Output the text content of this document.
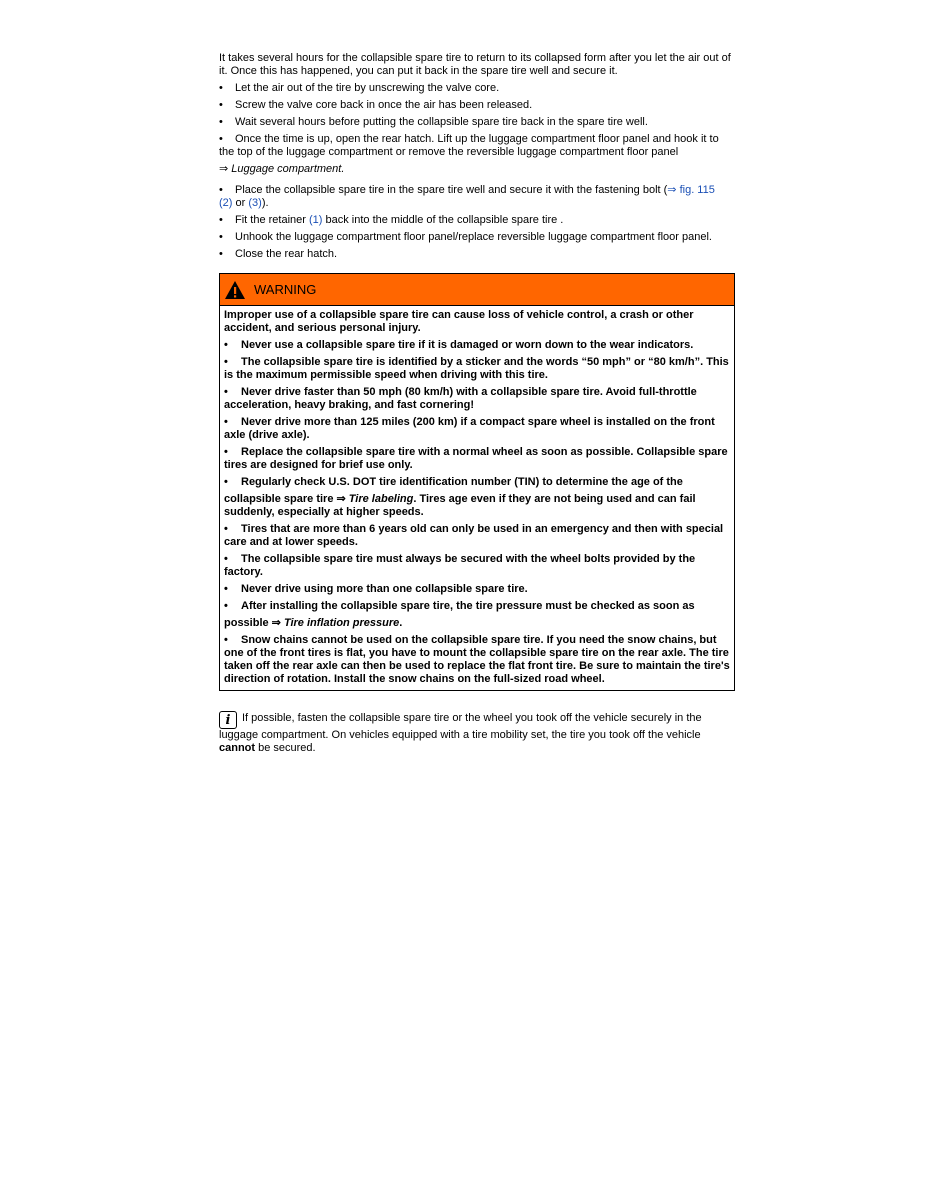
It takes several hours for the collapsible spare tire to return to its collapsed form after you let the air out of it. Once this has happened, you can put it back in the spare tire well and secure it.

• Let the air out of the tire by unscrewing the valve core.
• Screw the valve core back in once the air has been released.
• Wait several hours before putting the collapsible spare tire back in the spare tire well.
• Once the time is up, open the rear hatch. Lift up the luggage compartment floor panel and hook it to the top of the luggage compartment or remove the reversible luggage compartment floor panel

⇒ Luggage compartment.

• Place the collapsible spare tire in the spare tire well and secure it with the fastening bolt (⇒ fig. 115
(2) or (3)).
• Fit the retainer (1) back into the middle of the collapsible spare tire .
• Unhook the luggage compartment floor panel/replace reversible luggage compartment floor panel.
• Close the rear hatch.
WARNING

Improper use of a collapsible spare tire can cause loss of vehicle control, a crash or other accident, and serious personal injury.

• Never use a collapsible spare tire if it is damaged or worn down to the wear indicators.
• The collapsible spare tire is identified by a sticker and the words “50 mph” or “80 km/h”. This is the maximum permissible speed when driving with this tire.
• Never drive faster than 50 mph (80 km/h) with a collapsible spare tire. Avoid full-throttle acceleration, heavy braking, and fast cornering!
• Never drive more than 125 miles (200 km) if a compact spare wheel is installed on the front axle (drive axle).
• Replace the collapsible spare tire with a normal wheel as soon as possible. Collapsible spare tires are designed for brief use only.
• Regularly check U.S. DOT tire identification number (TIN) to determine the age of the
collapsible spare tire ⇒ Tire labeling. Tires age even if they are not being used and can fail suddenly, especially at higher speeds.
• Tires that are more than 6 years old can only be used in an emergency and then with special care and at lower speeds.
• The collapsible spare tire must always be secured with the wheel bolts provided by the factory.
• Never drive using more than one collapsible spare tire.
• After installing the collapsible spare tire, the tire pressure must be checked as soon as
possible ⇒ Tire inflation pressure.
• Snow chains cannot be used on the collapsible spare tire. If you need the snow chains, but one of the front tires is flat, you have to mount the collapsible spare tire on the rear axle. The tire taken off the rear axle can then be used to replace the flat front tire. Be sure to maintain the tire's direction of rotation. Install the snow chains on the full-sized road wheel.

i If possible, fasten the collapsible spare tire or the wheel you took off the vehicle securely in the luggage compartment. On vehicles equipped with a tire mobility set, the tire you took off the vehicle cannot be secured.
